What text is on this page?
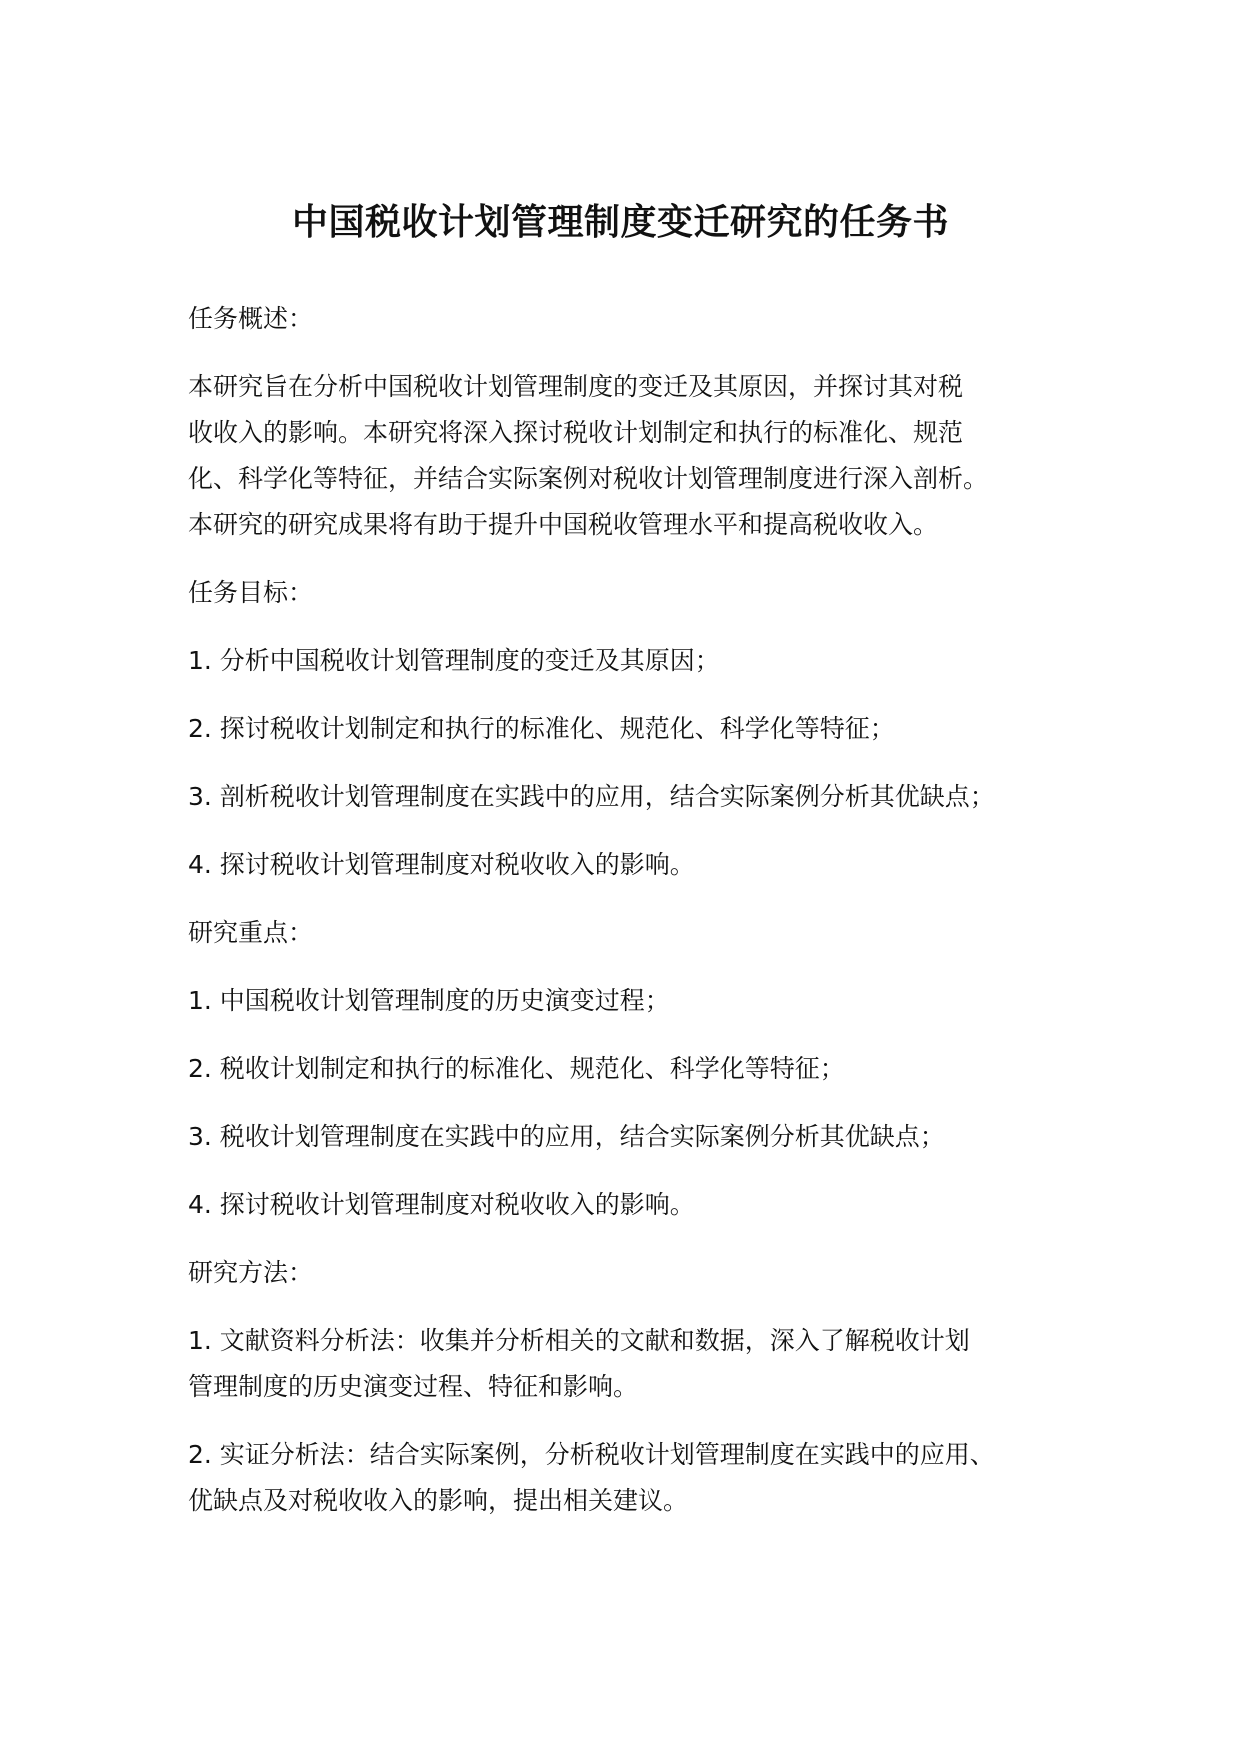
中国税收计划管理制度变迁研究的任务书

任务概述：

本研究旨在分析中国税收计划管理制度的变迁及其原因，并探讨其对税
收收入的影响。本研究将深入探讨税收计划制定和执行的标准化、规范
化、科学化等特征，并结合实际案例对税收计划管理制度进行深入剖析。
本研究的研究成果将有助于提升中国税收管理水平和提高税收收入。

任务目标：

1. 分析中国税收计划管理制度的变迁及其原因；

2. 探讨税收计划制定和执行的标准化、规范化、科学化等特征；

3. 剖析税收计划管理制度在实践中的应用，结合实际案例分析其优缺点；

4. 探讨税收计划管理制度对税收收入的影响。

研究重点：

1. 中国税收计划管理制度的历史演变过程；

2. 税收计划制定和执行的标准化、规范化、科学化等特征；

3. 税收计划管理制度在实践中的应用，结合实际案例分析其优缺点；

4. 探讨税收计划管理制度对税收收入的影响。

研究方法：

1. 文献资料分析法：收集并分析相关的文献和数据，深入了解税收计划
管理制度的历史演变过程、特征和影响。

2. 实证分析法：结合实际案例，分析税收计划管理制度在实践中的应用、
优缺点及对税收收入的影响，提出相关建议。
